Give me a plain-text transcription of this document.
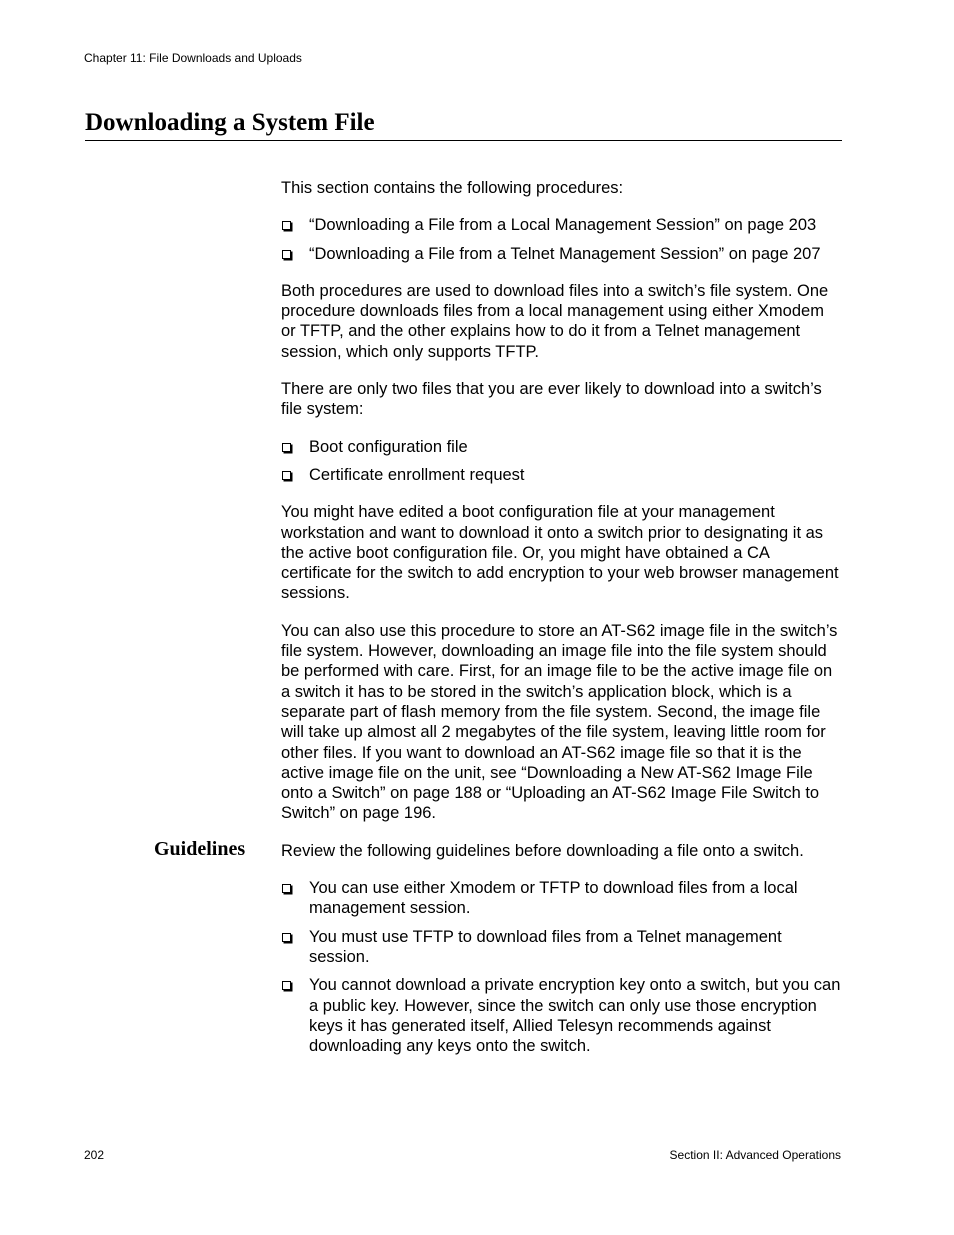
Chapter 11: File Downloads and Uploads
Downloading a System File

This section contains the following procedures:

“Downloading a File from a Local Management Session” on page 203
“Downloading a File from a Telnet Management Session” on page 207

Both procedures are used to download files into a switch’s file system. One procedure downloads files from a local management using either Xmodem or TFTP, and the other explains how to do it from a Telnet management session, which only supports TFTP.

There are only two files that you are ever likely to download into a switch’s file system:

Boot configuration file
Certificate enrollment request

You might have edited a boot configuration file at your management workstation and want to download it onto a switch prior to designating it as the active boot configuration file. Or, you might have obtained a CA certificate for the switch to add encryption to your web browser management sessions.

You can also use this procedure to store an AT-S62 image file in the switch’s file system. However, downloading an image file into the file system should be performed with care. First, for an image file to be the active image file on a switch it has to be stored in the switch’s application block, which is a separate part of flash memory from the file system. Second, the image file will take up almost all 2 megabytes of the file system, leaving little room for other files. If you want to download an AT-S62 image file so that it is the active image file on the unit, see “Downloading a New AT-S62 Image File onto a Switch” on page 188 or “Uploading an AT-S62 Image File Switch to Switch” on page 196.

Guidelines Review the following guidelines before downloading a file onto a switch.

You can use either Xmodem or TFTP to download files from a local management session.
You must use TFTP to download files from a Telnet management session.
You cannot download a private encryption key onto a switch, but you can a public key. However, since the switch can only use those encryption keys it has generated itself, Allied Telesyn recommends against downloading any keys onto the switch.
202	Section II: Advanced Operations
